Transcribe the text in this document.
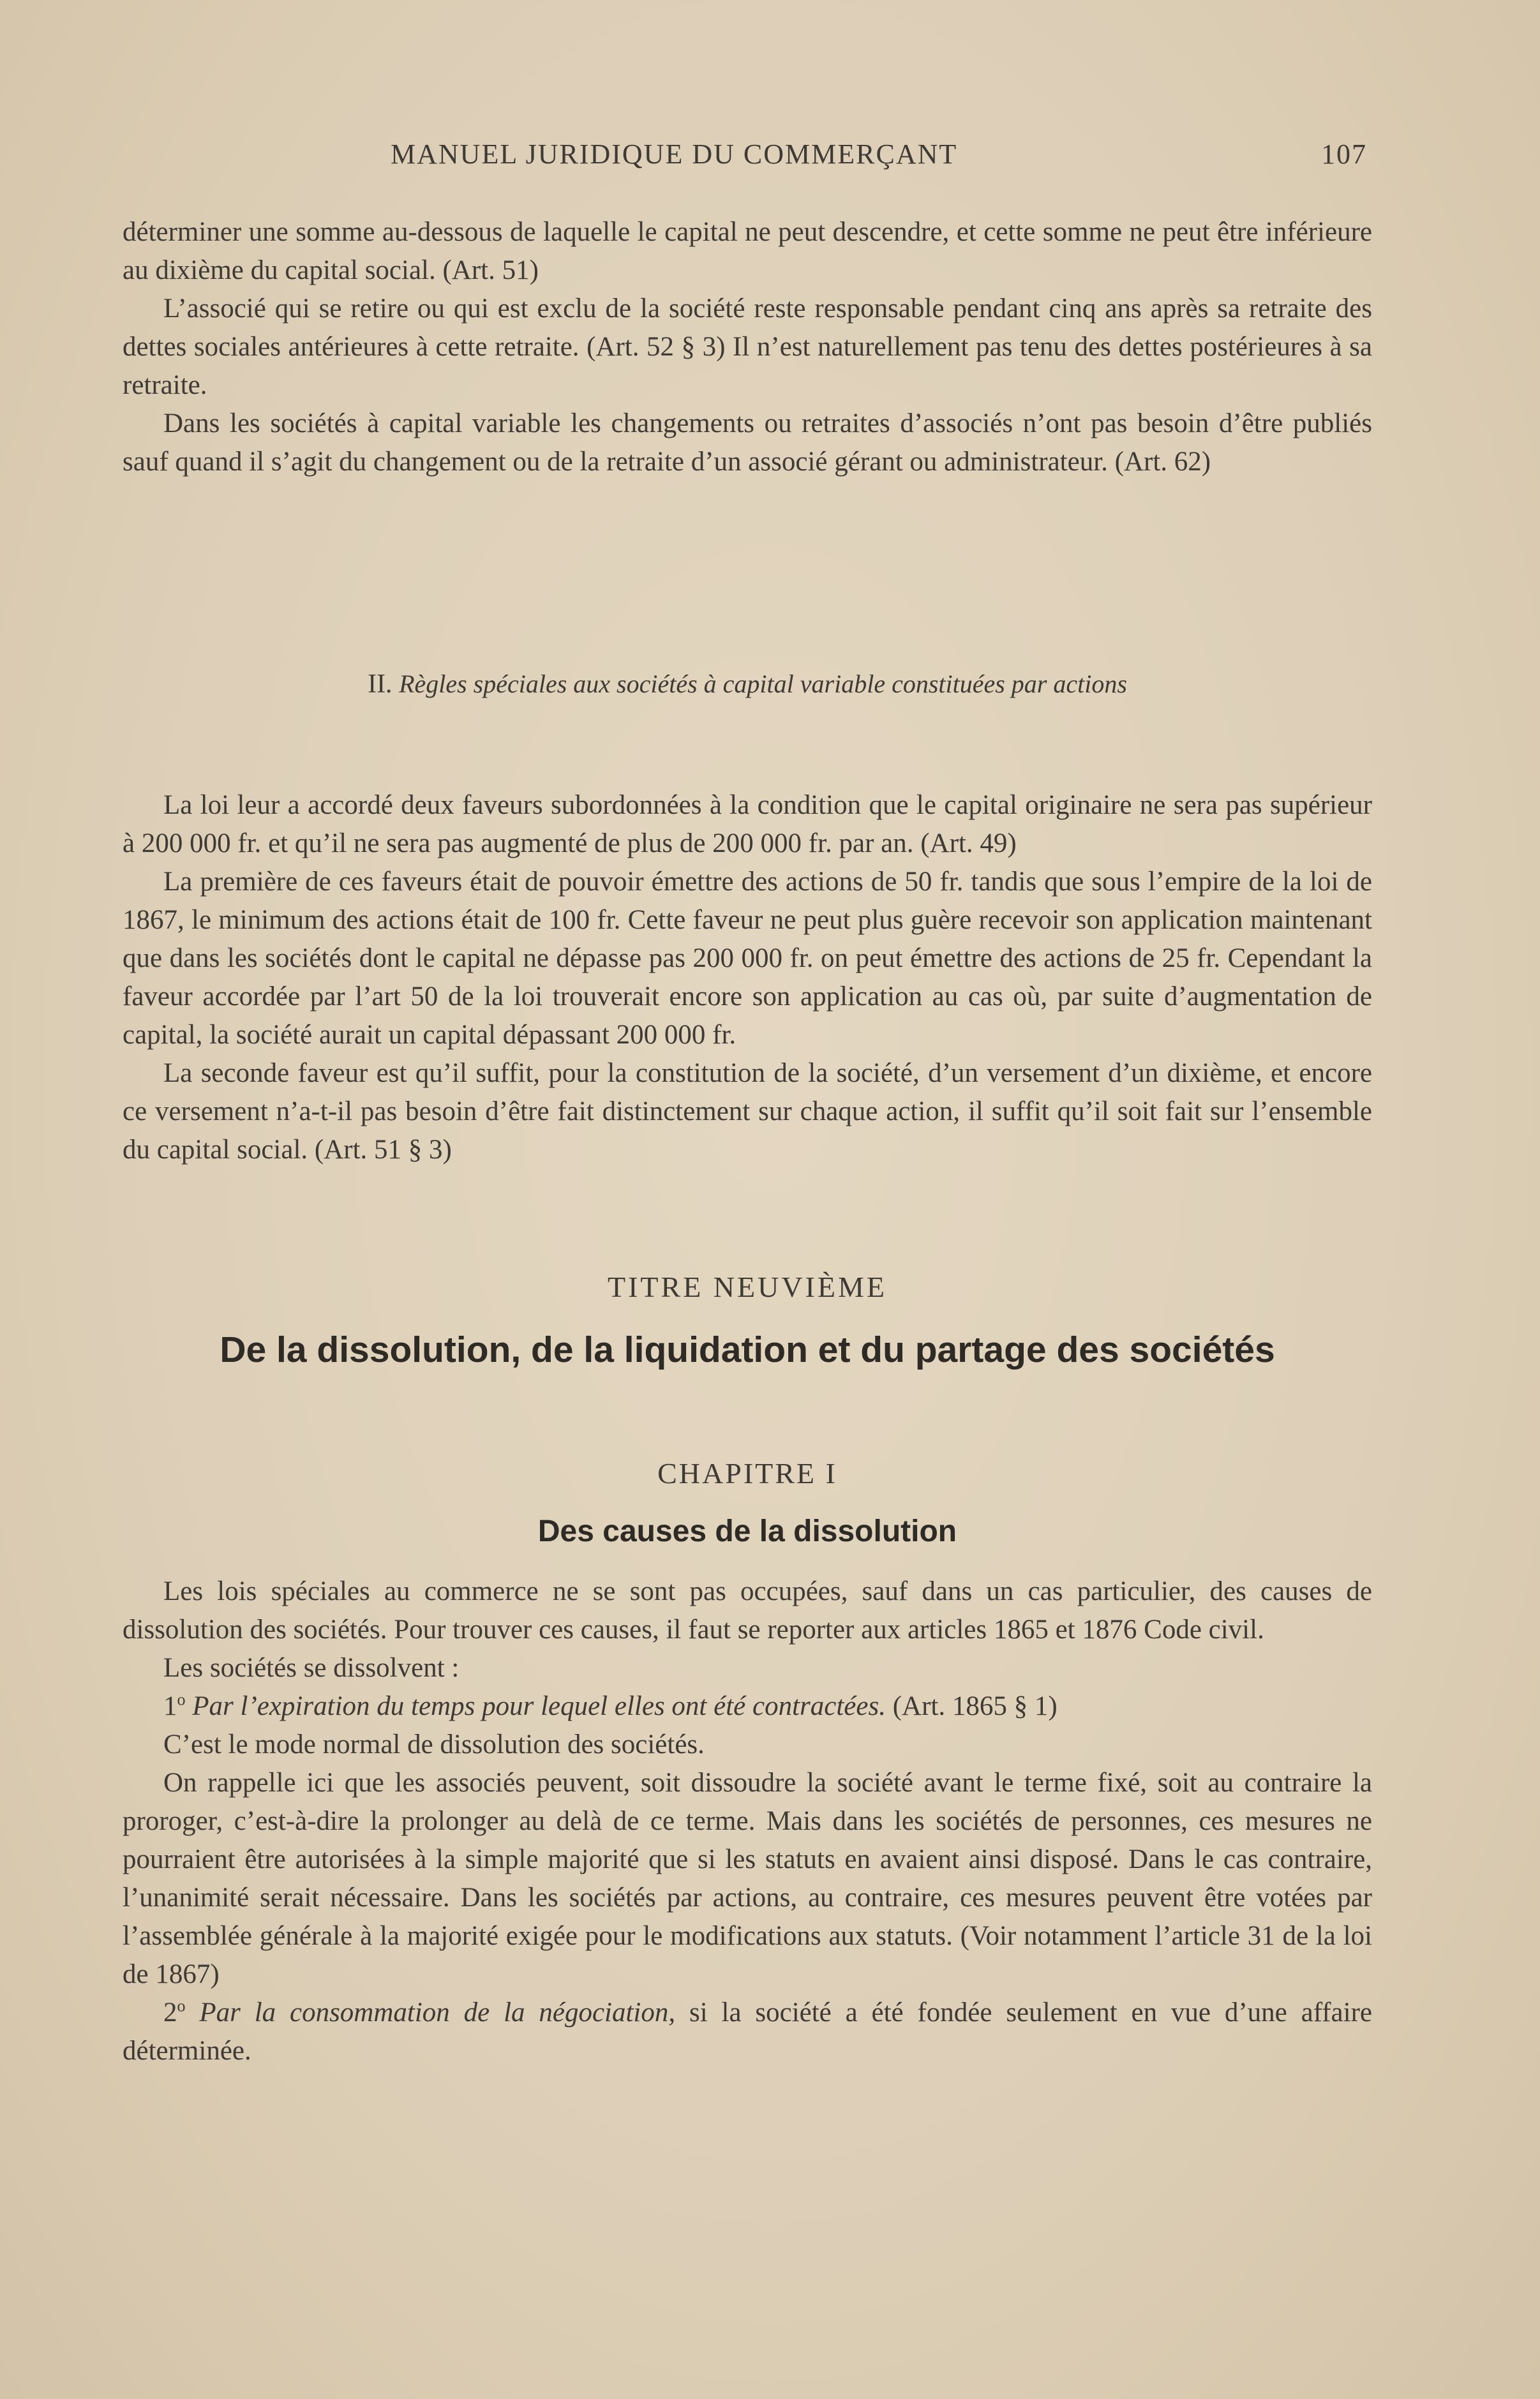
MANUEL JURIDIQUE DU COMMERÇANT	107

déterminer une somme au-dessous de laquelle le capital ne peut descendre, et cette somme ne peut être inférieure au dixième du capital social. (Art. 51)

L’associé qui se retire ou qui est exclu de la société reste responsable pendant cinq ans après sa retraite des dettes sociales antérieures à cette retraite. (Art. 52 § 3) Il n’est naturellement pas tenu des dettes postérieures à sa retraite.

Dans les sociétés à capital variable les changements ou retraites d’associés n’ont pas besoin d’être publiés sauf quand il s’agit du changement ou de la retraite d’un associé gérant ou administrateur. (Art. 62)

II. Règles spéciales aux sociétés à capital variable constituées par actions

La loi leur a accordé deux faveurs subordonnées à la condition que le capital originaire ne sera pas supérieur à 200 000 fr. et qu’il ne sera pas augmenté de plus de 200 000 fr. par an. (Art. 49)

La première de ces faveurs était de pouvoir émettre des actions de 50 fr. tandis que sous l’empire de la loi de 1867, le minimum des actions était de 100 fr. Cette faveur ne peut plus guère recevoir son application maintenant que dans les sociétés dont le capital ne dépasse pas 200 000 fr. on peut émettre des actions de 25 fr. Cependant la faveur accordée par l’art 50 de la loi trouverait encore son application au cas où, par suite d’augmentation de capital, la société aurait un capital dépassant 200 000 fr.

La seconde faveur est qu’il suffit, pour la constitution de la société, d’un versement d’un dixième, et encore ce versement n’a-t-il pas besoin d’être fait distinctement sur chaque action, il suffit qu’il soit fait sur l’ensemble du capital social. (Art. 51 § 3)

TITRE NEUVIÈME
De la dissolution, de la liquidation et du partage des sociétés
CHAPITRE I
Des causes de la dissolution

Les lois spéciales au commerce ne se sont pas occupées, sauf dans un cas particulier, des causes de dissolution des sociétés. Pour trouver ces causes, il faut se reporter aux articles 1865 et 1876 Code civil.

Les sociétés se dissolvent :

1$^o$ Par l’expiration du temps pour lequel elles ont été contractées. (Art. 1865 § 1)

C’est le mode normal de dissolution des sociétés.

On rappelle ici que les associés peuvent, soit dissoudre la société avant le terme fixé, soit au contraire la proroger, c’est-à-dire la prolonger au delà de ce terme. Mais dans les sociétés de personnes, ces mesures ne pourraient être autorisées à la simple majorité que si les statuts en avaient ainsi disposé. Dans le cas contraire, l’unanimité serait nécessaire. Dans les sociétés par actions, au contraire, ces mesures peuvent être votées par l’assemblée générale à la majorité exigée pour le modifications aux statuts. (Voir notamment l’article 31 de la loi de 1867)

2$^o$ Par la consommation de la négociation, si la société a été fondée seulement en vue d’une affaire déterminée.
